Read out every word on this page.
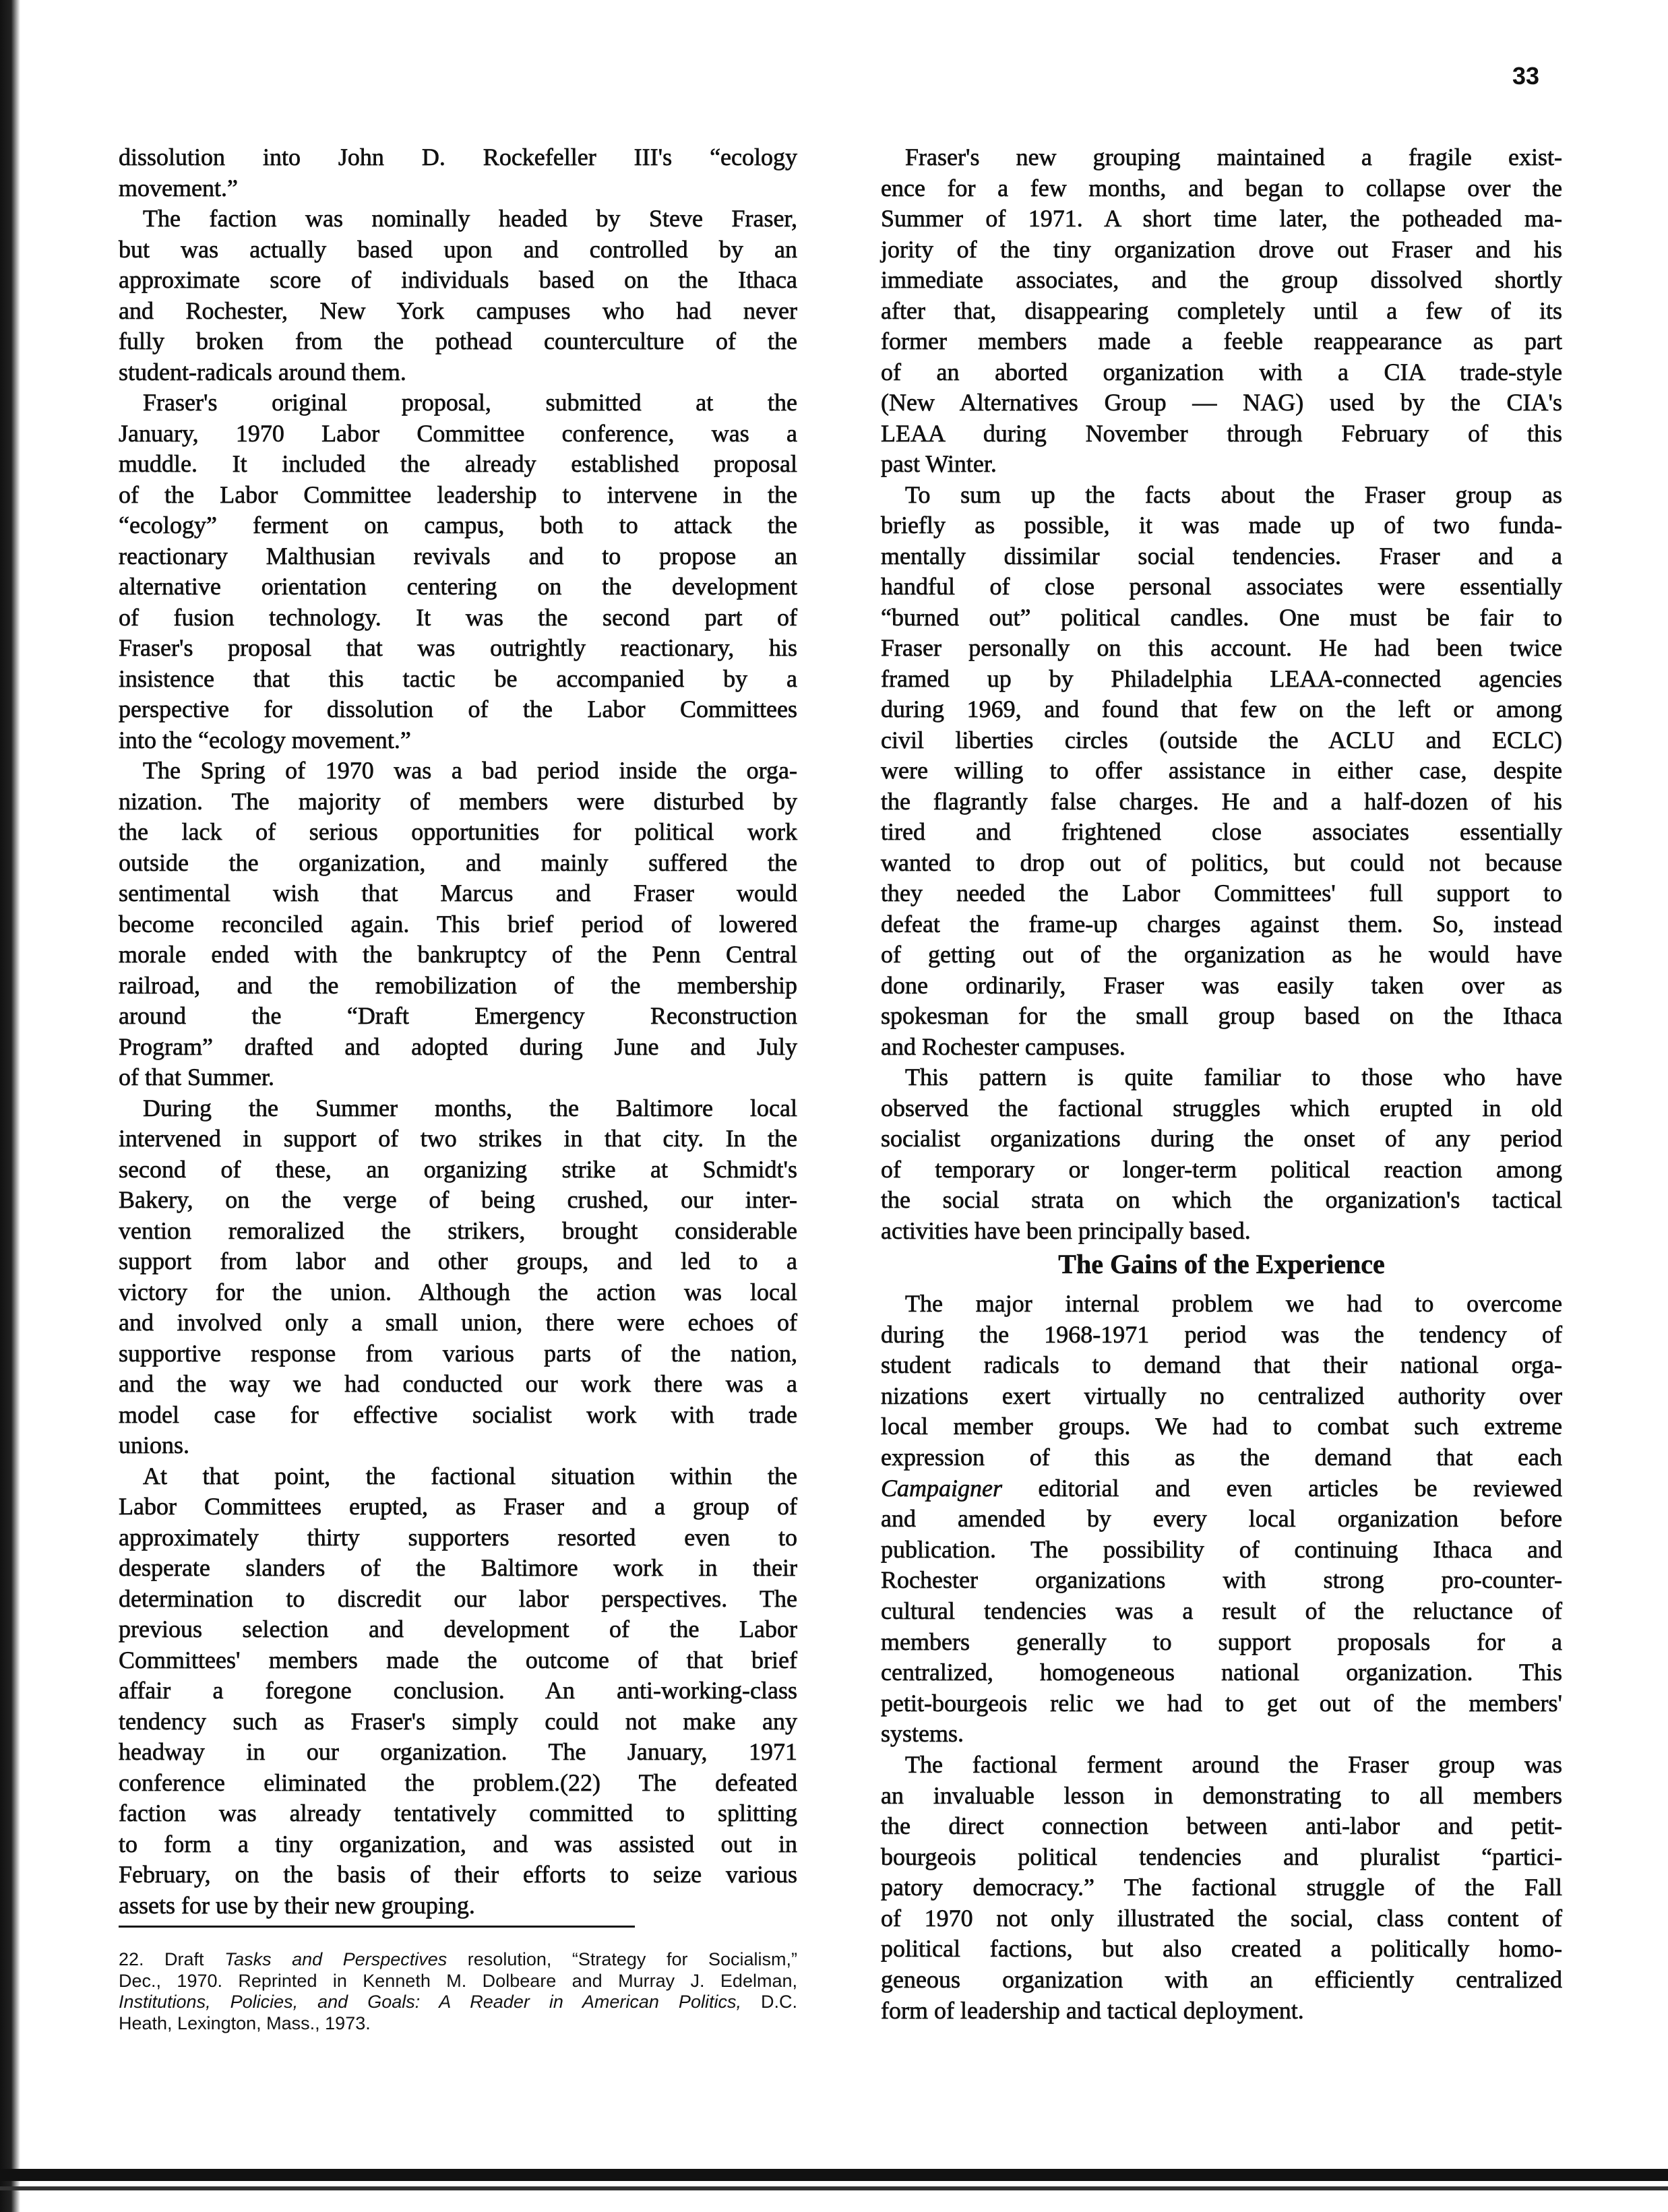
33
dissolution into John D. Rockefeller III's “ecology
movement.”
The faction was nominally headed by Steve Fraser,
but was actually based upon and controlled by an
approximate score of individuals based on the Ithaca
and Rochester, New York campuses who had never
fully broken from the pothead counterculture of the
student-radicals around them.
Fraser's original proposal, submitted at the
January, 1970 Labor Committee conference, was a
muddle. It included the already established proposal
of the Labor Committee leadership to intervene in the
“ecology” ferment on campus, both to attack the
reactionary Malthusian revivals and to propose an
alternative orientation centering on the development
of fusion technology. It was the second part of
Fraser's proposal that was outrightly reactionary, his
insistence that this tactic be accompanied by a
perspective for dissolution of the Labor Committees
into the “ecology movement.”
The Spring of 1970 was a bad period inside the orga-
nization. The majority of members were disturbed by
the lack of serious opportunities for political work
outside the organization, and mainly suffered the
sentimental wish that Marcus and Fraser would
become reconciled again. This brief period of lowered
morale ended with the bankruptcy of the Penn Central
railroad, and the remobilization of the membership
around the “Draft Emergency Reconstruction
Program” drafted and adopted during June and July
of that Summer.
During the Summer months, the Baltimore local
intervened in support of two strikes in that city. In the
second of these, an organizing strike at Schmidt's
Bakery, on the verge of being crushed, our inter-
vention remoralized the strikers, brought considerable
support from labor and other groups, and led to a
victory for the union. Although the action was local
and involved only a small union, there were echoes of
supportive response from various parts of the nation,
and the way we had conducted our work there was a
model case for effective socialist work with trade
unions.
At that point, the factional situation within the
Labor Committees erupted, as Fraser and a group of
approximately thirty supporters resorted even to
desperate slanders of the Baltimore work in their
determination to discredit our labor perspectives. The
previous selection and development of the Labor
Committees' members made the outcome of that brief
affair a foregone conclusion. An anti-working-class
tendency such as Fraser's simply could not make any
headway in our organization. The January, 1971
conference eliminated the problem.(22) The defeated
faction was already tentatively committed to splitting
to form a tiny organization, and was assisted out in
February, on the basis of their efforts to seize various
assets for use by their new grouping.
22. Draft Tasks and Perspectives resolution, “Strategy for Socialism,”
Dec., 1970. Reprinted in Kenneth M. Dolbeare and Murray J. Edelman,
Institutions, Policies, and Goals: A Reader in American Politics, D.C.
Heath, Lexington, Mass., 1973.
Fraser's new grouping maintained a fragile exist-
ence for a few months, and began to collapse over the
Summer of 1971. A short time later, the potheaded ma-
jority of the tiny organization drove out Fraser and his
immediate associates, and the group dissolved shortly
after that, disappearing completely until a few of its
former members made a feeble reappearance as part
of an aborted organization with a CIA trade-style
(New Alternatives Group — NAG) used by the CIA's
LEAA during November through February of this
past Winter.
To sum up the facts about the Fraser group as
briefly as possible, it was made up of two funda-
mentally dissimilar social tendencies. Fraser and a
handful of close personal associates were essentially
“burned out” political candles. One must be fair to
Fraser personally on this account. He had been twice
framed up by Philadelphia LEAA-connected agencies
during 1969, and found that few on the left or among
civil liberties circles (outside the ACLU and ECLC)
were willing to offer assistance in either case, despite
the flagrantly false charges. He and a half-dozen of his
tired and frightened close associates essentially
wanted to drop out of politics, but could not because
they needed the Labor Committees' full support to
defeat the frame-up charges against them. So, instead
of getting out of the organization as he would have
done ordinarily, Fraser was easily taken over as
spokesman for the small group based on the Ithaca
and Rochester campuses.
This pattern is quite familiar to those who have
observed the factional struggles which erupted in old
socialist organizations during the onset of any period
of temporary or longer-term political reaction among
the social strata on which the organization's tactical
activities have been principally based.
The Gains of the Experience
The major internal problem we had to overcome
during the 1968-1971 period was the tendency of
student radicals to demand that their national orga-
nizations exert virtually no centralized authority over
local member groups. We had to combat such extreme
expression of this as the demand that each
Campaigner editorial and even articles be reviewed
and amended by every local organization before
publication. The possibility of continuing Ithaca and
Rochester organizations with strong pro-counter-
cultural tendencies was a result of the reluctance of
members generally to support proposals for a
centralized, homogeneous national organization. This
petit-bourgeois relic we had to get out of the members'
systems.
The factional ferment around the Fraser group was
an invaluable lesson in demonstrating to all members
the direct connection between anti-labor and petit-
bourgeois political tendencies and pluralist “partici-
patory democracy.” The factional struggle of the Fall
of 1970 not only illustrated the social, class content of
political factions, but also created a politically homo-
geneous organization with an efficiently centralized
form of leadership and tactical deployment.
